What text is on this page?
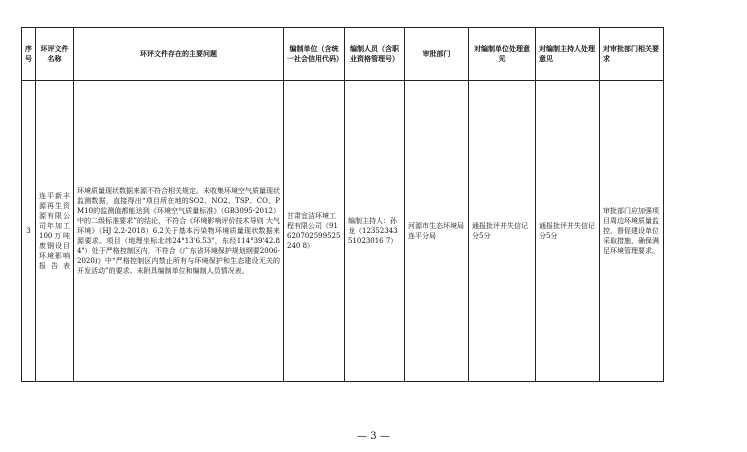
序号	环评文件名称	环评文件存在的主要问题	编制单位（含统一社会信用代码）	编制人员（含职业资格管理号）	审批部门	对编制单位处理意见	对编制主持人处理意见	对审批部门相关要求
3	连平新丰源再生资源有限公司年加工100万吨废钢设目环境影响报告表	环境质量现状数据来源不符合相关规定。未收集环境空气质量现状监测数据，直接得出“项目所在地的SO2、NO2、TSP、CO、PM10的监测值都能达到《环境空气质量标准》（GB3095-2012）中的二级标准要求”的结论，不符合《环境影响评价技术导则 大气环境》（HJ 2.2-2018）6.2关于基本污染物环境质量现状数据来源要求。项目（地理坐标北纬24°13'6.53"，东经114°39'42.84"）处于严格控制区内，不符合《广东省环境保护规划纲要2006-2020)》中“严格控制区内禁止所有与环境保护和生态建设无关的开发活动”的要求。未附具编制单位和编制人员情况表。	甘肃宜洁环境工程有限公司（91620702599525240 8）	编制主持人：孙龙（1235234351023016 7）	河源市生态环境局连平分局	通报批评并失信记分5分	通报批评并失信记分5分	审批部门应加强项目周边环境质量监控，督促建设单位采取措施，确保满足环境管理要求。
— 3 —
